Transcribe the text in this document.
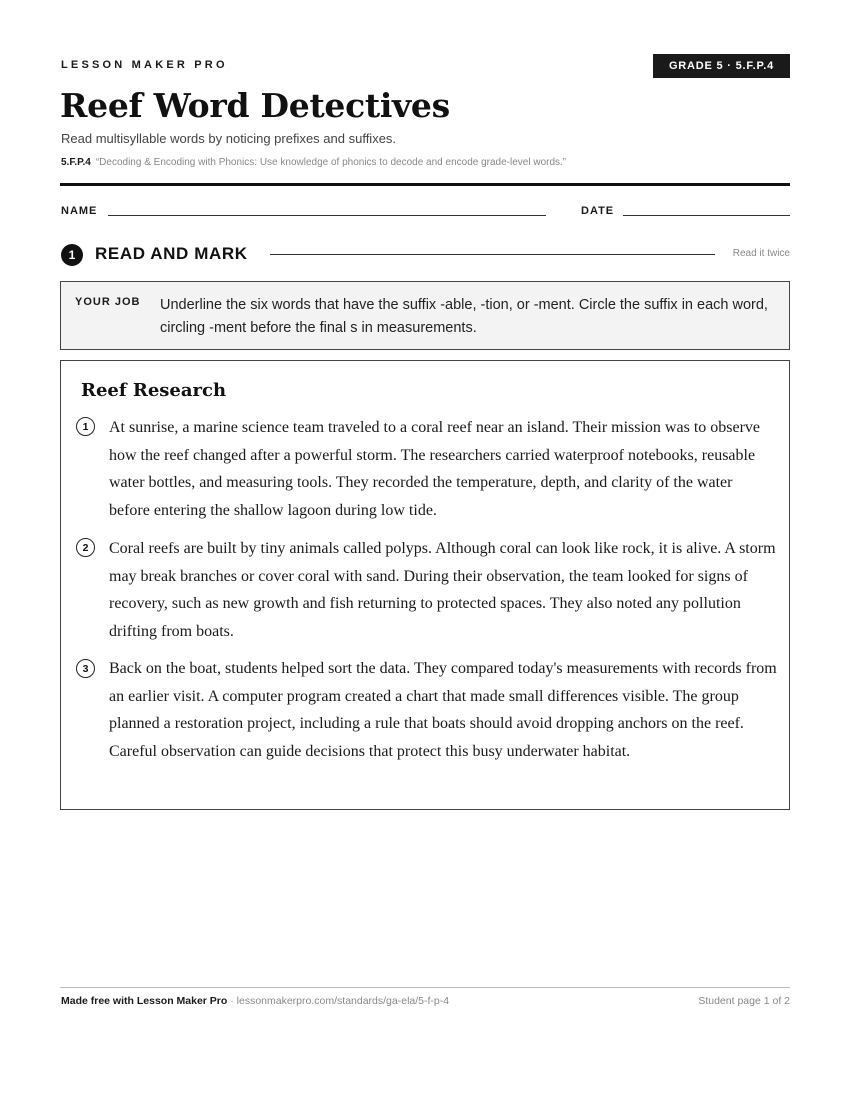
LESSON MAKER PRO	GRADE 5 · 5.F.P.4
Reef Word Detectives
Read multisyllable words by noticing prefixes and suffixes.
5.F.P.4 “Decoding & Encoding with Phonics: Use knowledge of phonics to decode and encode grade-level words.”
NAME	DATE
1	READ AND MARK	Read it twice
YOUR JOB Underline the six words that have the suffix -able, -tion, or -ment. Circle the suffix in each word, circling -ment before the final s in measurements.
Reef Research
1	At sunrise, a marine science team traveled to a coral reef near an island. Their mission was to observe how the reef changed after a powerful storm. The researchers carried waterproof notebooks, reusable water bottles, and measuring tools. They recorded the temperature, depth, and clarity of the water before entering the shallow lagoon during low tide.

2	Coral reefs are built by tiny animals called polyps. Although coral can look like rock, it is alive. A storm may break branches or cover coral with sand. During their observation, the team looked for signs of recovery, such as new growth and fish returning to protected spaces. They also noted any pollution drifting from boats.

3	Back on the boat, students helped sort the data. They compared today's measurements with records from an earlier visit. A computer program created a chart that made small differences visible. The group planned a restoration project, including a rule that boats should avoid dropping anchors on the reef. Careful observation can guide decisions that protect this busy underwater habitat.

Made free with Lesson Maker Pro · lessonmakerpro.com/standards/ga-ela/5-f-p-4	Student page 1 of 2
